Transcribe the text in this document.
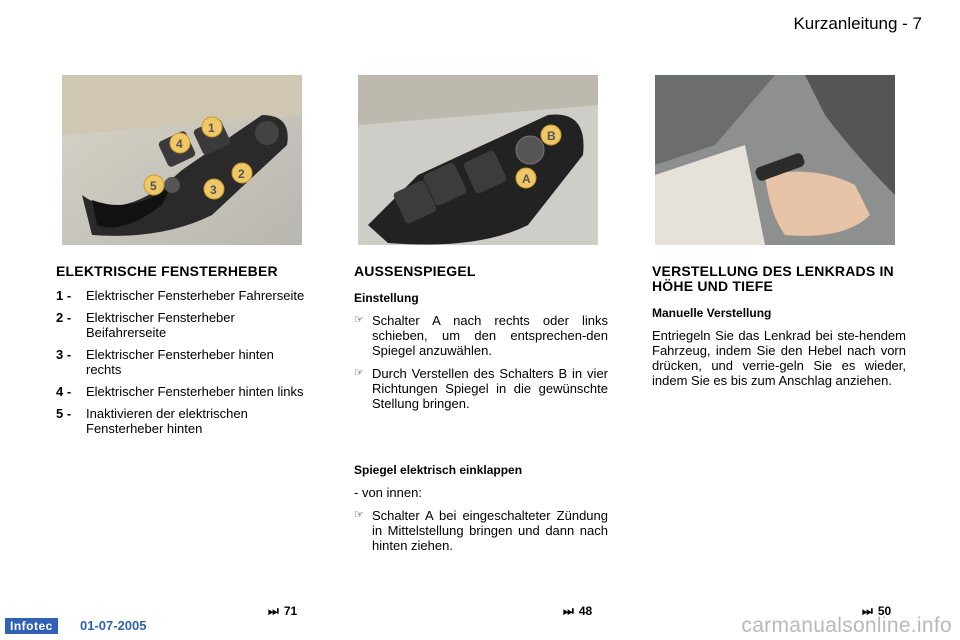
Kurzanleitung - 7
1
2
3
4
5
B
A
ELEKTRISCHE FENSTERHEBER
1 -	Elektrischer Fensterheber Fahrerseite
2 -	Elektrischer Fensterheber Beifahrerseite
3 -	Elektrischer Fensterheber hinten rechts
4 -	Elektrischer Fensterheber hinten links
5 -	Inaktivieren der elektrischen Fensterheber hinten
AUSSENSPIEGEL
Einstellung
☞ Schalter A nach rechts oder links schieben, um den entsprechen-den Spiegel anzuwählen.
☞ Durch Verstellen des Schalters B in vier Richtungen Spiegel in die gewünschte Stellung bringen.
Spiegel elektrisch einklappen
- von innen:
☞ Schalter A bei eingeschalteter Zündung in Mittelstellung bringen und dann nach hinten ziehen.
VERSTELLUNG DES LENKRADS IN HÖHE UND TIEFE
Manuelle Verstellung

Entriegeln Sie das Lenkrad bei ste-hendem Fahrzeug, indem Sie den Hebel nach vorn drücken, und verrie-geln Sie es wieder, indem Sie es bis zum Anschlag anziehen.

⏭ 71	⏭ 48	⏭ 50
Infotec	01-07-2005	carmanualsonline.info
